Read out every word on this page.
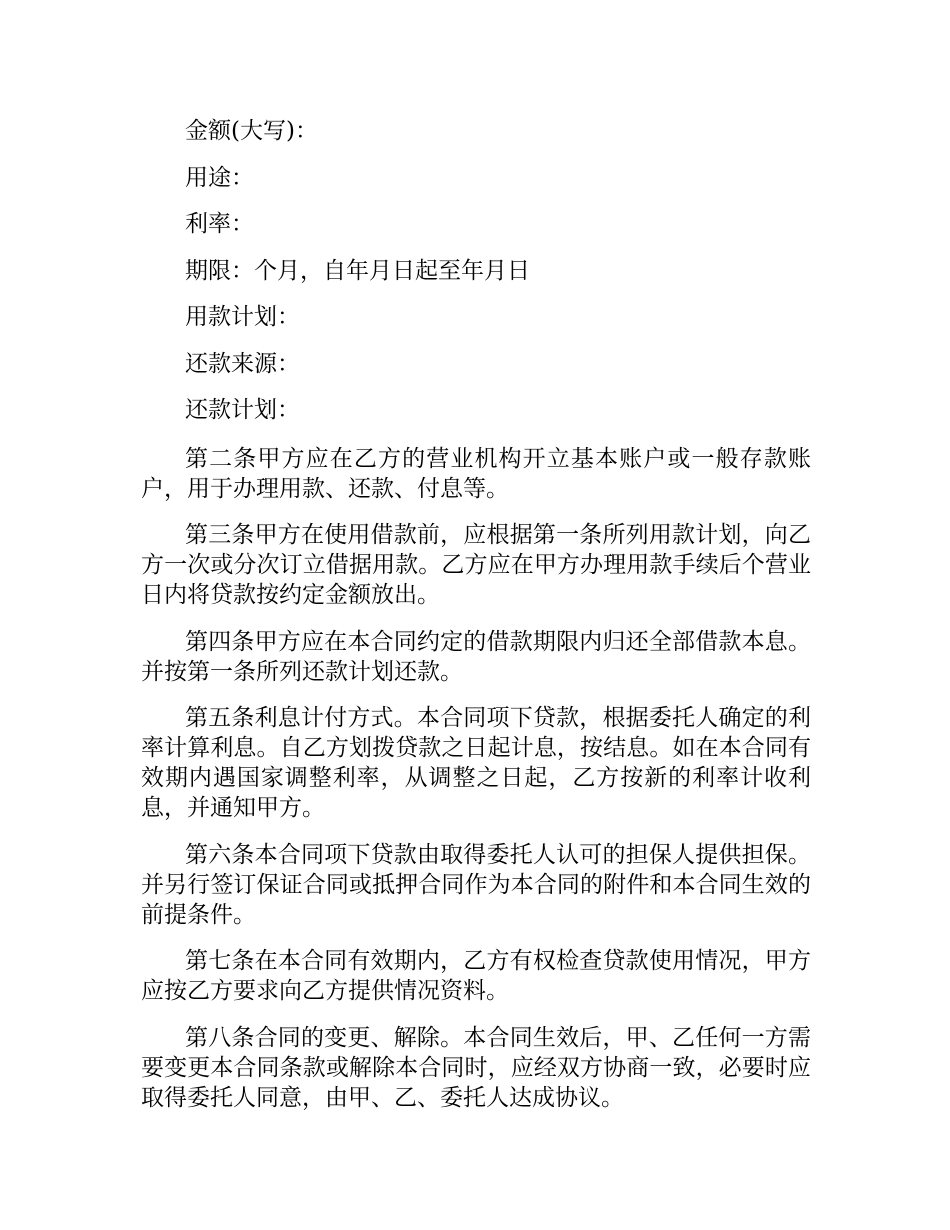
金额(大写)：

用途：

利率：

期限：个月，自年月日起至年月日

用款计划：

还款来源：

还款计划：

第二条甲方应在乙方的营业机构开立基本账户或一般存款账户，用于办理用款、还款、付息等。

第三条甲方在使用借款前，应根据第一条所列用款计划，向乙方一次或分次订立借据用款。乙方应在甲方办理用款手续后个营业日内将贷款按约定金额放出。

第四条甲方应在本合同约定的借款期限内归还全部借款本息。并按第一条所列还款计划还款。

第五条利息计付方式。本合同项下贷款，根据委托人确定的利率计算利息。自乙方划拨贷款之日起计息，按结息。如在本合同有效期内遇国家调整利率，从调整之日起，乙方按新的利率计收利息，并通知甲方。

第六条本合同项下贷款由取得委托人认可的担保人提供担保。并另行签订保证合同或抵押合同作为本合同的附件和本合同生效的前提条件。

第七条在本合同有效期内，乙方有权检查贷款使用情况，甲方应按乙方要求向乙方提供情况资料。

第八条合同的变更、解除。本合同生效后，甲、乙任何一方需要变更本合同条款或解除本合同时，应经双方协商一致，必要时应取得委托人同意，由甲、乙、委托人达成协议。
